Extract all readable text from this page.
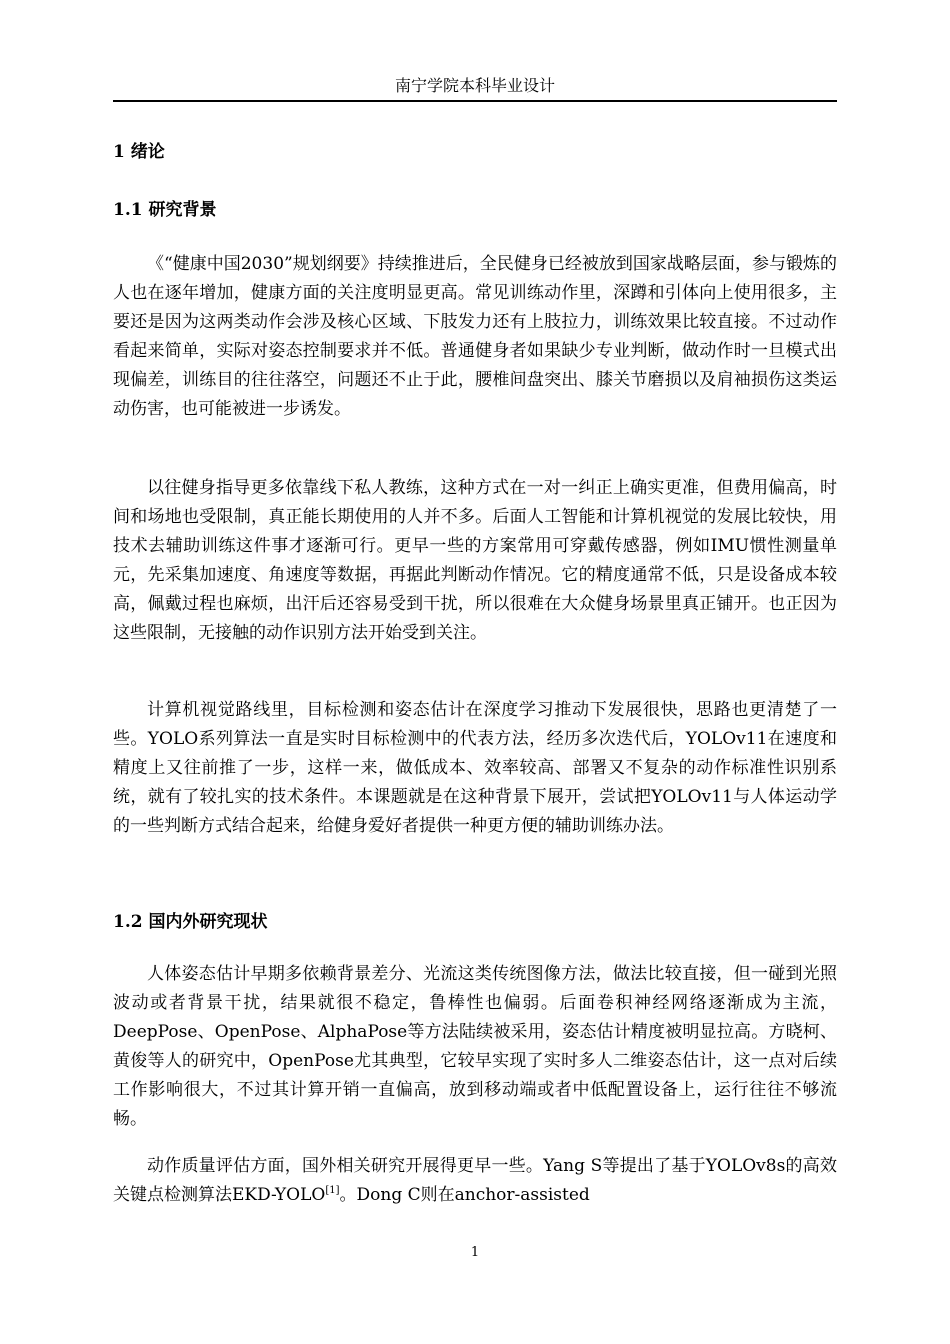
南宁学院本科毕业设计
1 绪论
1.1 研究背景

《“健康中国2030”规划纲要》持续推进后，全民健身已经被放到国家战略层面，参与锻炼的人也在逐年增加，健康方面的关注度明显更高。常见训练动作里，深蹲和引体向上使用很多，主要还是因为这两类动作会涉及核心区域、下肢发力还有上肢拉力，训练效果比较直接。不过动作看起来简单，实际对姿态控制要求并不低。普通健身者如果缺少专业判断，做动作时一旦模式出现偏差，训练目的往往落空，问题还不止于此，腰椎间盘突出、膝关节磨损以及肩袖损伤这类运动伤害，也可能被进一步诱发。

以往健身指导更多依靠线下私人教练，这种方式在一对一纠正上确实更准，但费用偏高，时间和场地也受限制，真正能长期使用的人并不多。后面人工智能和计算机视觉的发展比较快，用技术去辅助训练这件事才逐渐可行。更早一些的方案常用可穿戴传感器，例如IMU惯性测量单元，先采集加速度、角速度等数据，再据此判断动作情况。它的精度通常不低，只是设备成本较高，佩戴过程也麻烦，出汗后还容易受到干扰，所以很难在大众健身场景里真正铺开。也正因为这些限制，无接触的动作识别方法开始受到关注。

计算机视觉路线里，目标检测和姿态估计在深度学习推动下发展很快，思路也更清楚了一些。YOLO系列算法一直是实时目标检测中的代表方法，经历多次迭代后，YOLOv11在速度和精度上又往前推了一步，这样一来，做低成本、效率较高、部署又不复杂的动作标准性识别系统，就有了较扎实的技术条件。本课题就是在这种背景下展开，尝试把YOLOv11与人体运动学的一些判断方式结合起来，给健身爱好者提供一种更方便的辅助训练办法。

1.2 国内外研究现状

人体姿态估计早期多依赖背景差分、光流这类传统图像方法，做法比较直接，但一碰到光照波动或者背景干扰，结果就很不稳定，鲁棒性也偏弱。后面卷积神经网络逐渐成为主流，DeepPose、OpenPose、AlphaPose等方法陆续被采用，姿态估计精度被明显拉高。方晓柯、黄俊等人的研究中，OpenPose尤其典型，它较早实现了实时多人二维姿态估计，这一点对后续工作影响很大，不过其计算开销一直偏高，放到移动端或者中低配置设备上，运行往往不够流畅。

动作质量评估方面，国外相关研究开展得更早一些。Yang S等提出了基于YOLOv8s的高效关键点检测算法EKD-YOLO[1]。Dong C则在anchor-assisted

1
